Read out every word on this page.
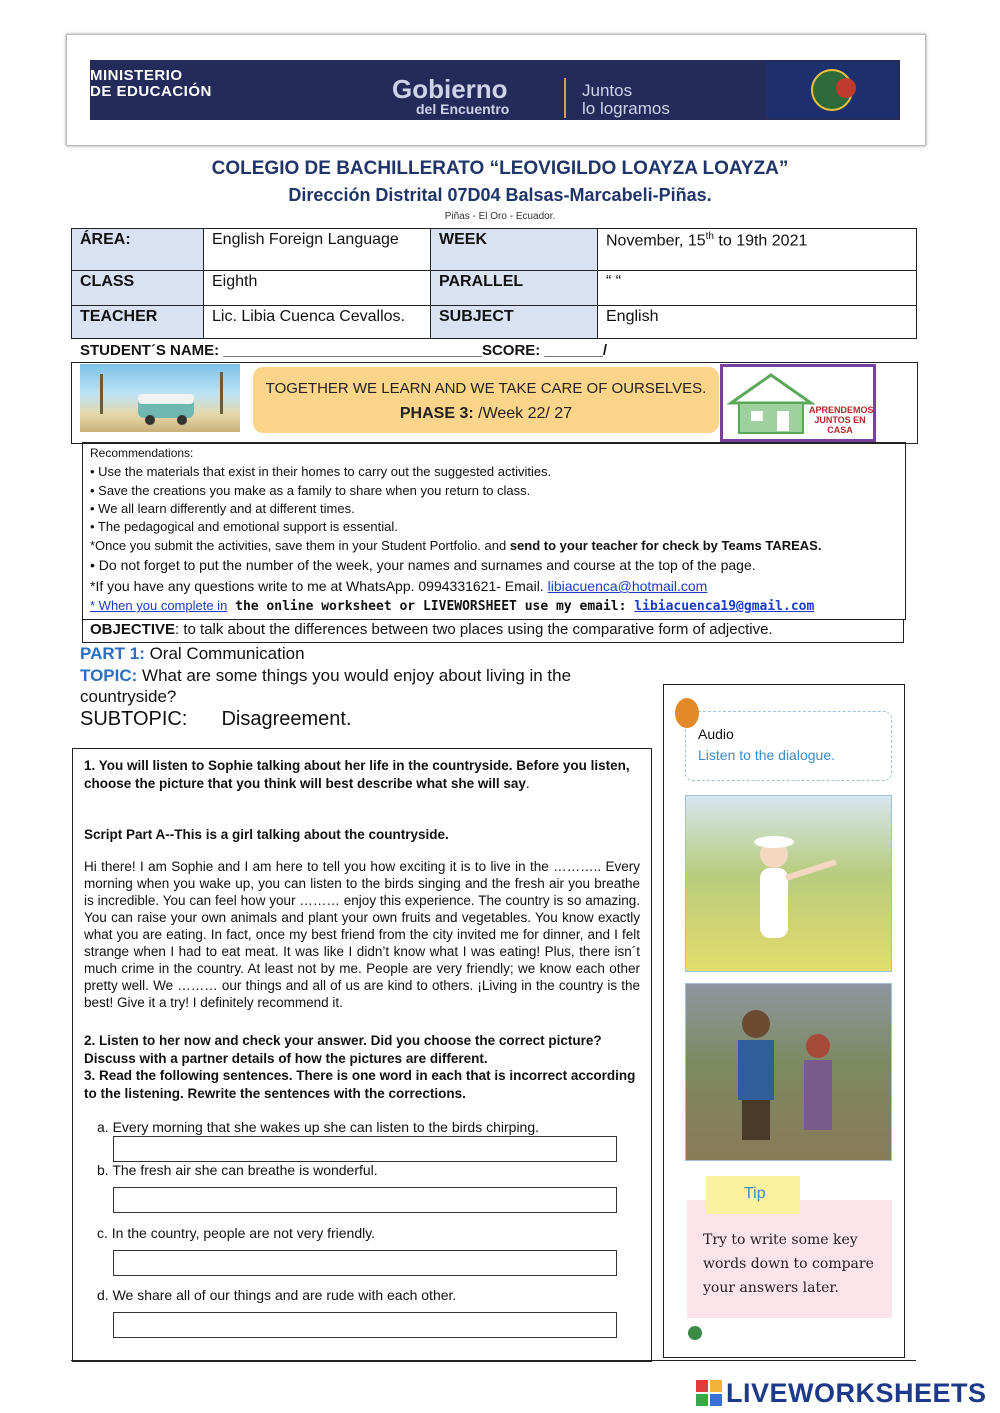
MINISTERIO
DE EDUCACIÓN	Gobierno
del Encuentro
Juntos
lo logramos
COLEGIO DE BACHILLERATO “LEOVIGILDO LOAYZA LOAYZA”
Dirección Distrital 07D04 Balsas-Marcabeli-Piñas.
Piñas - El Oro - Ecuador.
ÁREA:	English Foreign Language	WEEK	November, 15th to 19th 2021
CLASS	Eighth	PARALLEL	“ “
TEACHER	Lic. Libia Cuenca Cevallos.	SUBJECT	English
STUDENT´S NAME: _______________________________SCORE: _______/
TOGETHER WE LEARN AND WE TAKE CARE OF OURSELVES.
PHASE 3: /Week 22/ 27	APRENDEMOS JUNTOS EN CASA
Recommendations:
• Use the materials that exist in their homes to carry out the suggested activities.
• Save the creations you make as a family to share when you return to class.
• We all learn differently and at different times.
• The pedagogical and emotional support is essential.
*Once you submit the activities, save them in your Student Portfolio. and send to your teacher for check by Teams TAREAS.
• Do not forget to put the number of the week, your names and surnames and course at the top of the page.
*If you have any questions write to me at WhatsApp. 0994331621- Email. libiacuenca@hotmail.com
* When you complete in the online worksheet or LIVEWORSHEET use my email: libiacuenca19@gmail.com
OBJECTIVE: to talk about the differences between two places using the comparative form of adjective.
PART 1: Oral Communication
TOPIC: What are some things you would enjoy about living in the countryside?
SUBTOPIC: Disagreement.
1. You will listen to Sophie talking about her life in the countryside. Before you listen, choose the picture that you think will best describe what she will say.
Script Part A--This is a girl talking about the countryside.
Hi there! I am Sophie and I am here to tell you how exciting it is to live in the ……….. Every morning when you wake up, you can listen to the birds singing and the fresh air you breathe is incredible. You can feel how your ……… enjoy this experience. The country is so amazing. You can raise your own animals and plant your own fruits and vegetables. You know exactly what you are eating. In fact, once my best friend from the city invited me for dinner, and I felt strange when I had to eat meat. It was like I didn’t know what I was eating! Plus, there isn´t much crime in the country. At least not by me. People are very friendly; we know each other pretty well. We ……… our things and all of us are kind to others. ¡Living in the country is the best! Give it a try! I definitely recommend it.
2. Listen to her now and check your answer. Did you choose the correct picture? Discuss with a partner details of how the pictures are different.
3. Read the following sentences. There is one word in each that is incorrect according to the listening. Rewrite the sentences with the corrections.
a. Every morning that she wakes up she can listen to the birds chirping.
b. The fresh air she can breathe is wonderful.
c. In the country, people are not very friendly.
d. We share all of our things and are rude with each other.
Audio
Listen to the dialogue.
Tip
Try to write some key words down to compare your answers later.
LIVEWORKSHEETS
